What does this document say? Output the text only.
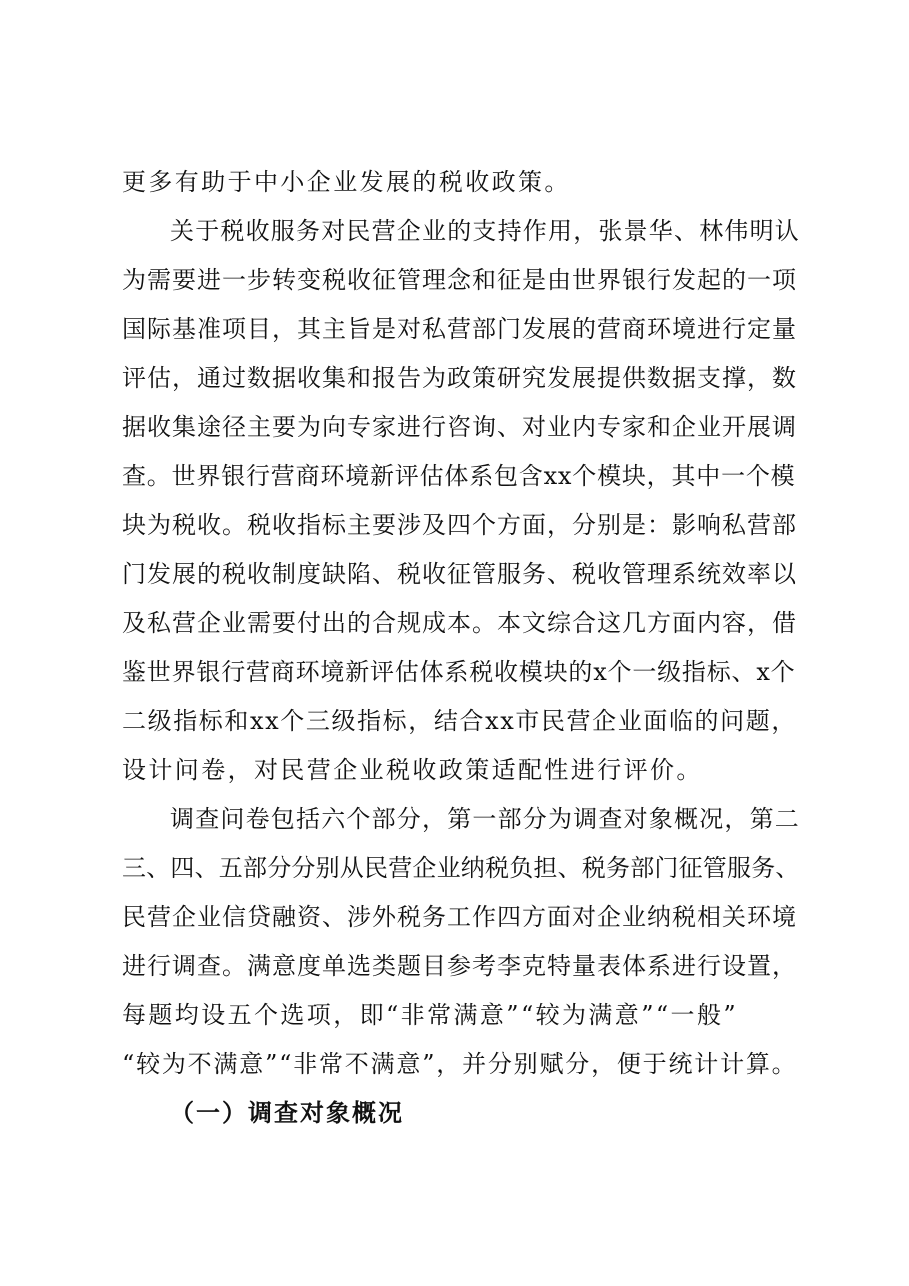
更多有助于中小企业发展的税收政策。
关于税收服务对民营企业的支持作用，张景华、林伟明认
为需要进一步转变税收征管理念和征是由世界银行发起的一项
国际基准项目，其主旨是对私营部门发展的营商环境进行定量
评估，通过数据收集和报告为政策研究发展提供数据支撑，数
据收集途径主要为向专家进行咨询、对业内专家和企业开展调
查。世界银行营商环境新评估体系包含xx个模块，其中一个模
块为税收。税收指标主要涉及四个方面，分别是：影响私营部
门发展的税收制度缺陷、税收征管服务、税收管理系统效率以
及私营企业需要付出的合规成本。本文综合这几方面内容，借
鉴世界银行营商环境新评估体系税收模块的x个一级指标、x个
二级指标和xx个三级指标，结合xx市民营企业面临的问题，
设计问卷，对民营企业税收政策适配性进行评价。
调查问卷包括六个部分，第一部分为调查对象概况，第二
三、四、五部分分别从民营企业纳税负担、税务部门征管服务、
民营企业信贷融资、涉外税务工作四方面对企业纳税相关环境
进行调查。满意度单选类题目参考李克特量表体系进行设置，
每题均设五个选项，即“非常满意”“较为满意”“一般”
“较为不满意”“非常不满意”，并分别赋分，便于统计计算。
（一）调查对象概况
